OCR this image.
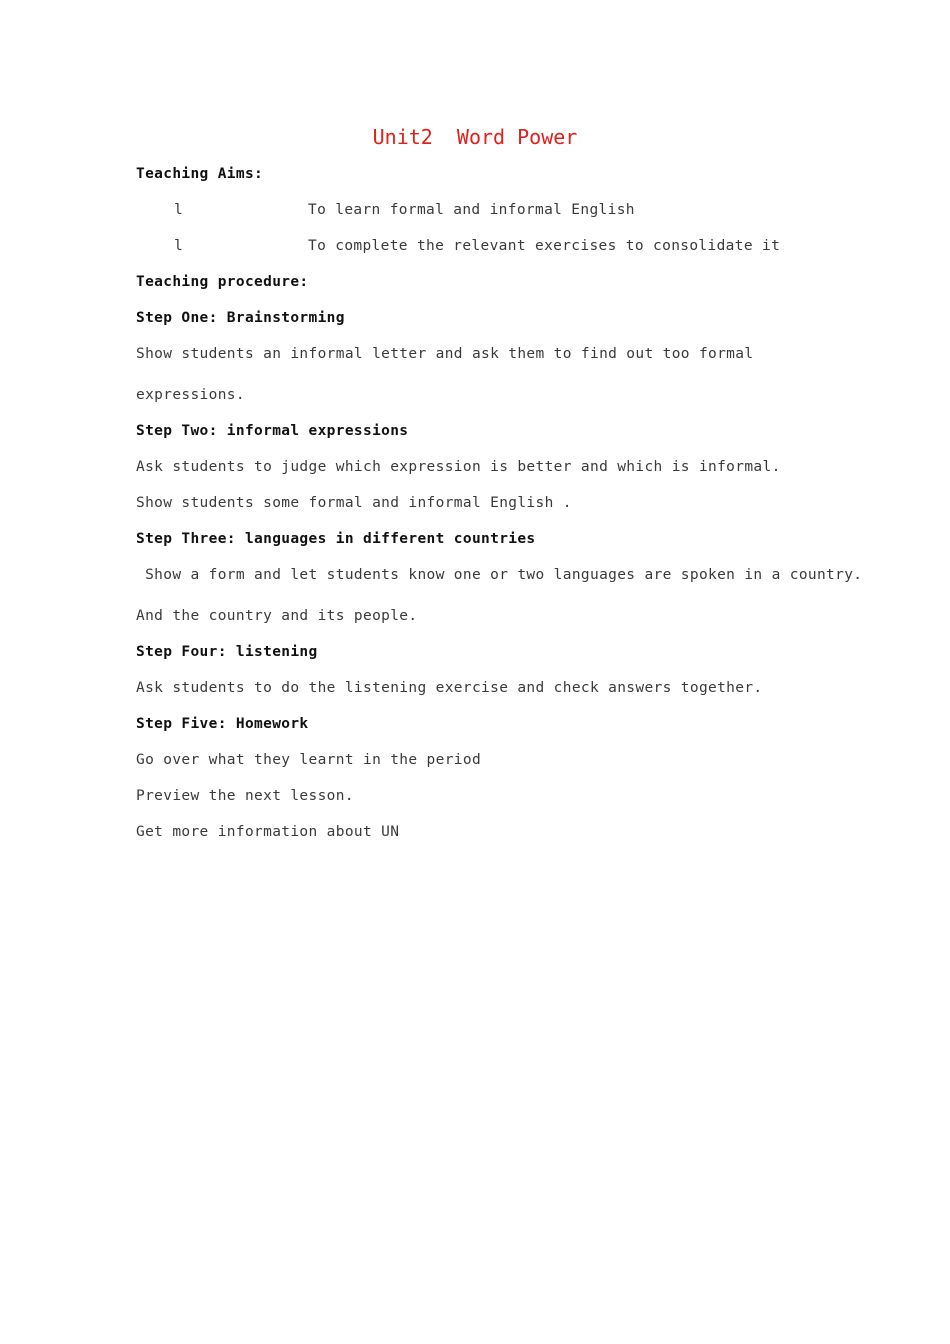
Unit2  Word Power
Teaching Aims:
l	To learn formal and informal English
l	To complete the relevant exercises to consolidate it
Teaching procedure:
Step One: Brainstorming
Show students an informal letter and ask them to find out too formal
expressions.
Step Two: informal expressions
Ask students to judge which expression is better and which is informal.
Show students some formal and informal English .
Step Three: languages in different countries
Show a form and let students know one or two languages are spoken in a country.
And the country and its people.
Step Four: listening
Ask students to do the listening exercise and check answers together.
Step Five: Homework
Go over what they learnt in the period
Preview the next lesson.
Get more information about UN
